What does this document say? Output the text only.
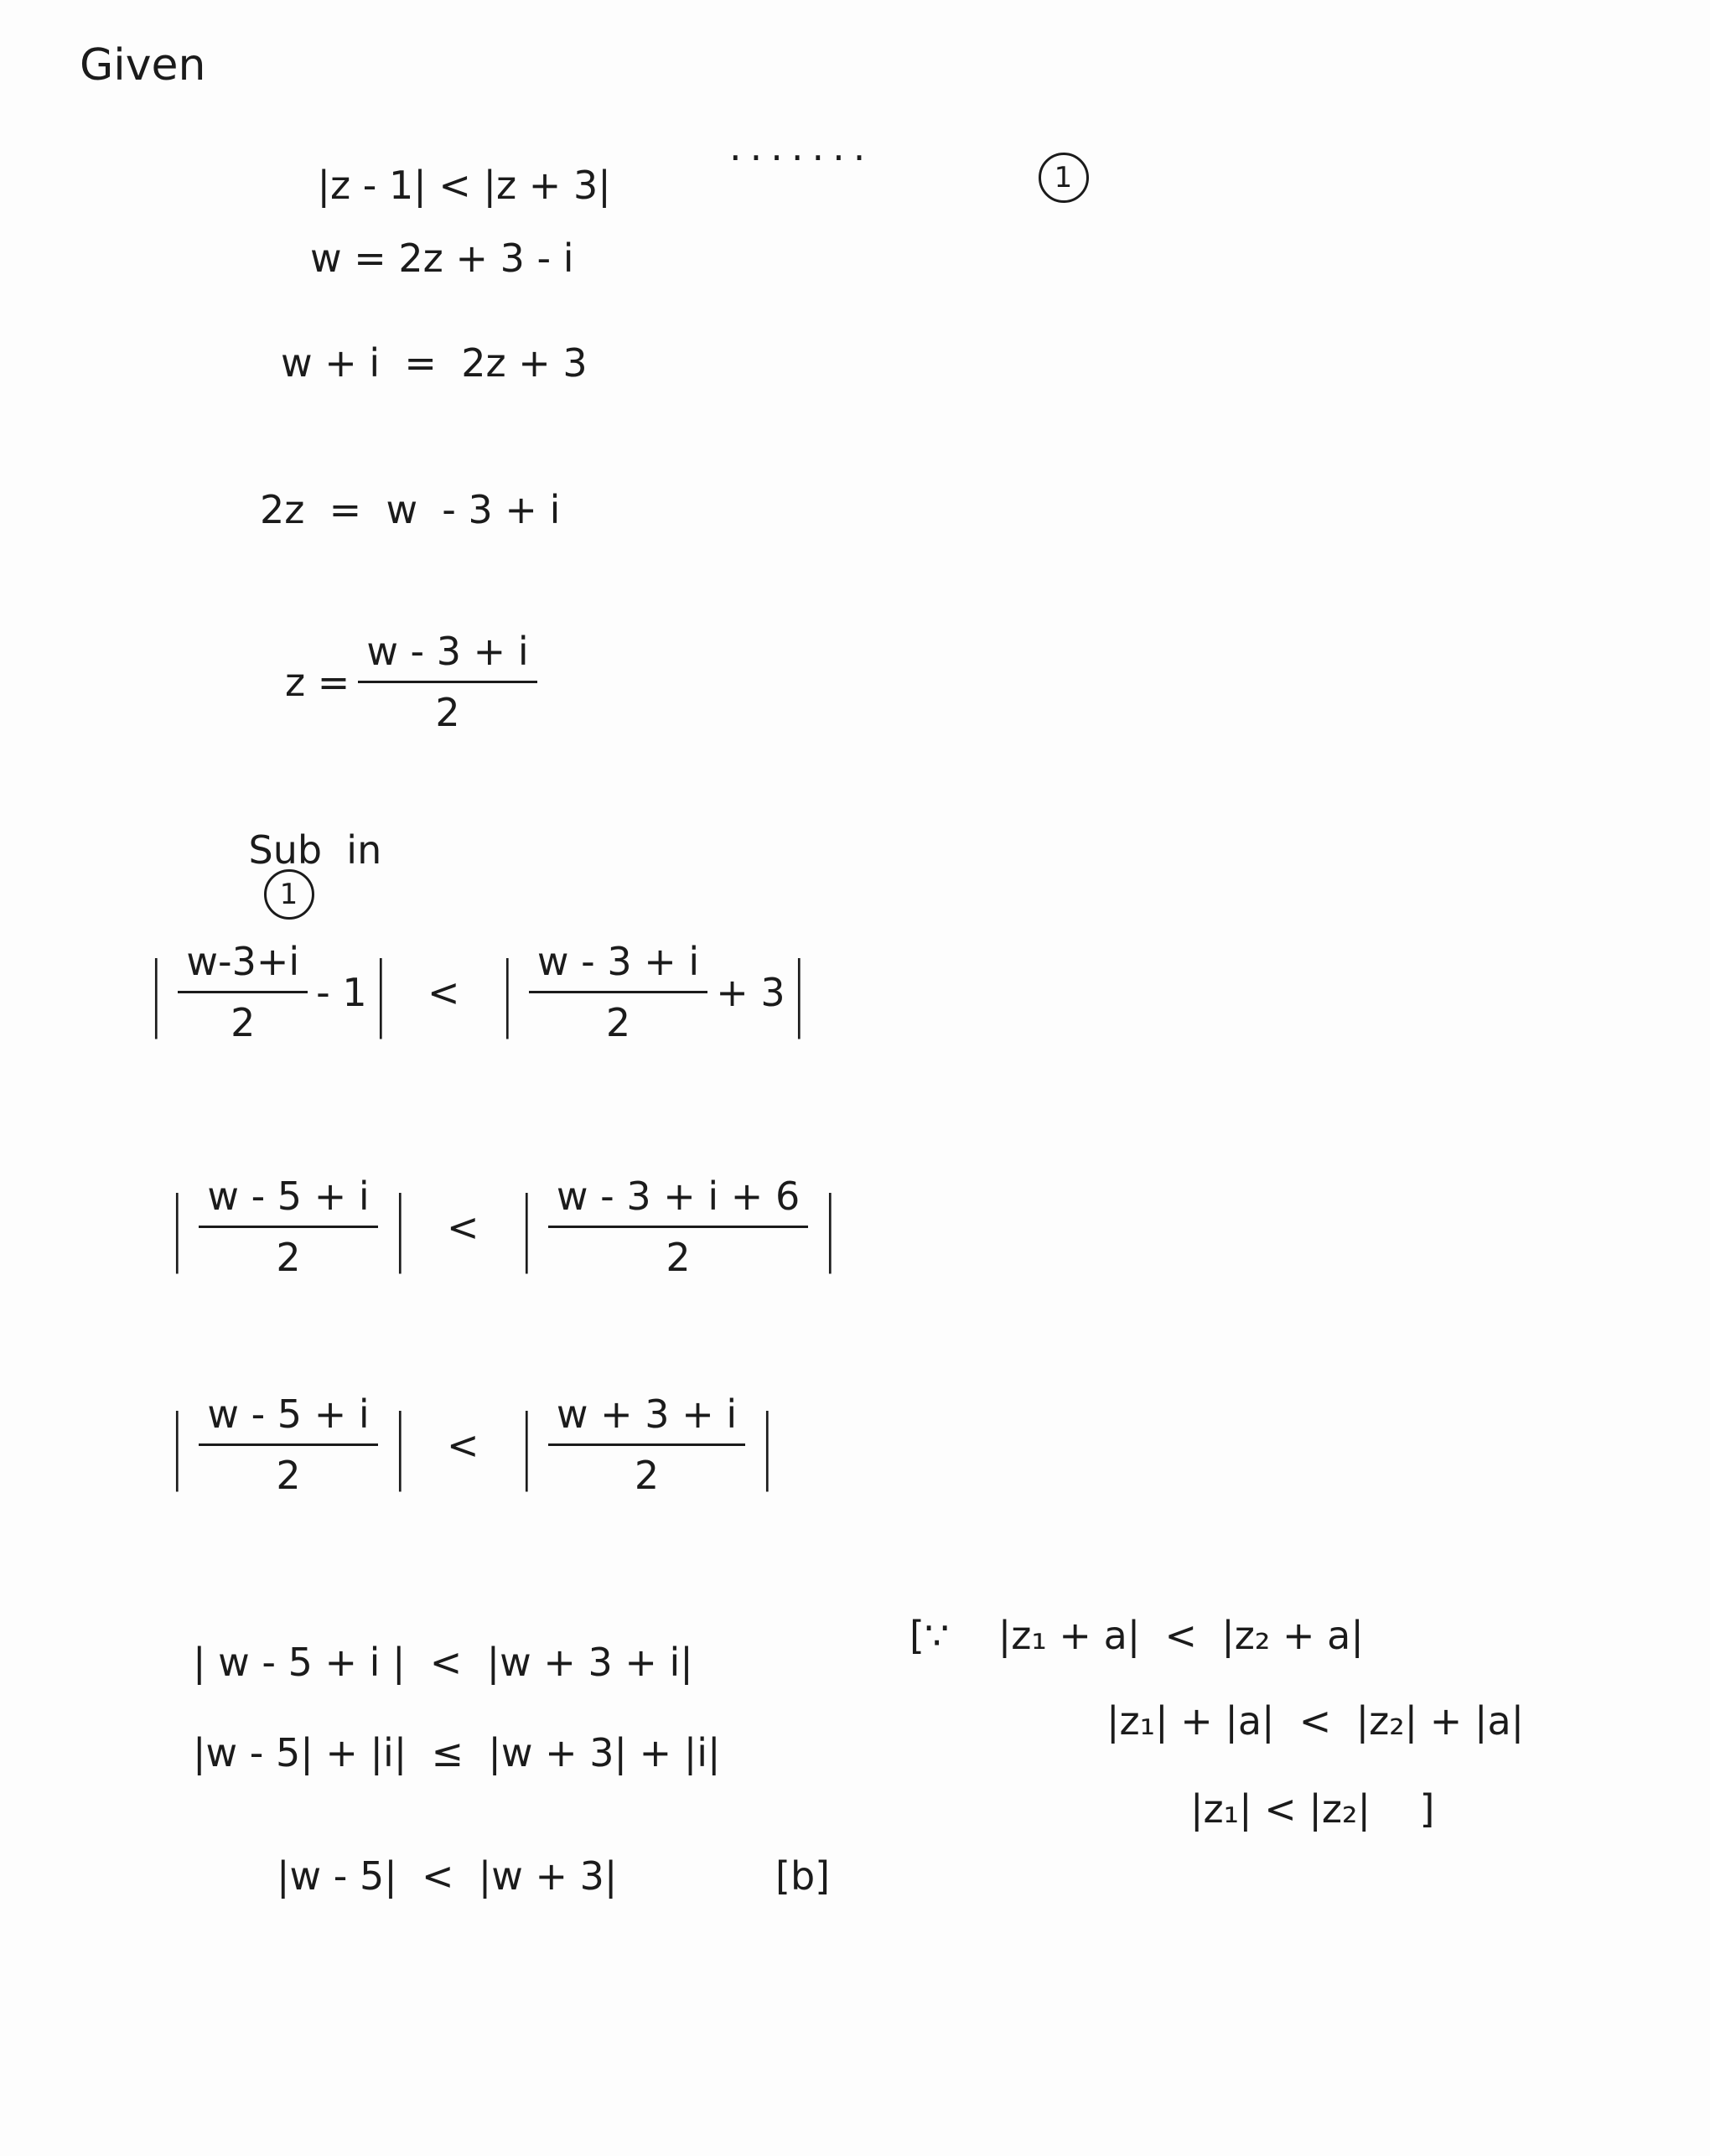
Given

|z - 1| < |z + 3|

.......

1

w = 2z + 3 - i
w + i  =  2z + 3
2z  =  w  - 3 + i
$z = \frac{w - 3 + i}{2}$

Sub  in
1

| $\frac{w-3+i}{2} - 1$ | < | $\frac{w - 3 + i}{2} + 3$ |
| $\frac{w - 5 + i}{2}$ | < | $\frac{w - 3 + i + 6}{2}$ |
| $\frac{w - 5 + i}{2}$ | < | $\frac{w + 3 + i}{2}$ |
| w - 5 + i |  <  |w + 3 + i|
|w - 5| + |i|  ≤  |w + 3| + |i|
|w - 5|  <  |w + 3|	[b]
[∵    |z₁ + a|  <  |z₂ + a|
|z₁| + |a|  <  |z₂| + |a|
|z₁| < |z₂|    ]
